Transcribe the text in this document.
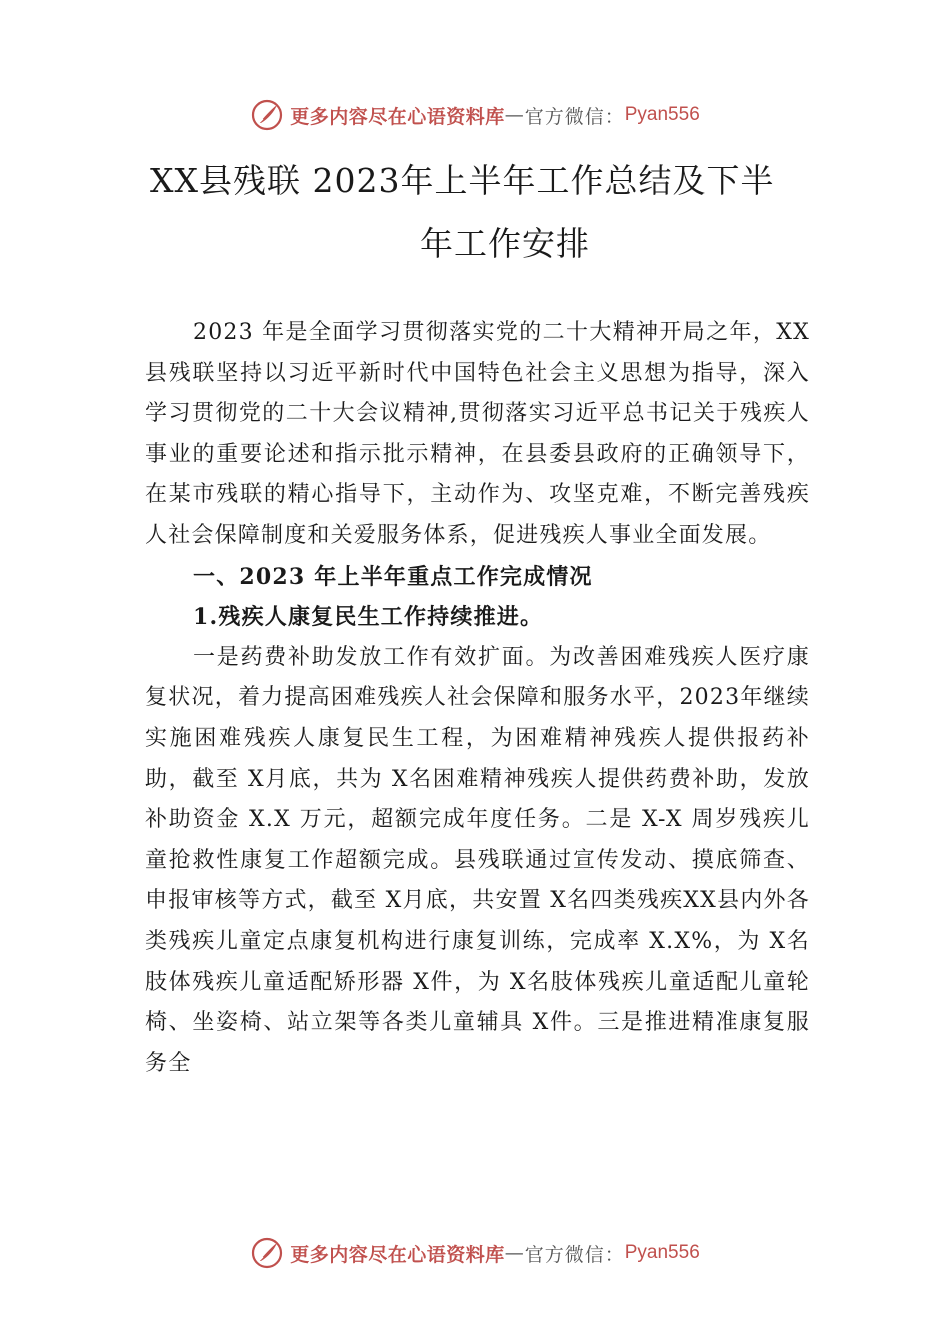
更多内容尽在心语资料库 — 官方微信： Pyan556
XX县残联 2023年上半年工作总结及下半
年工作安排

2023 年是全面学习贯彻落实党的二十大精神开局之年，XX县残联坚持以习近平新时代中国特色社会主义思想为指导，深入学习贯彻党的二十大会议精神,贯彻落实习近平总书记关于残疾人事业的重要论述和指示批示精神，在县委县政府的正确领导下，在某市残联的精心指导下，主动作为、攻坚克难，不断完善残疾人社会保障制度和关爱服务体系，促进残疾人事业全面发展。

一、2023 年上半年重点工作完成情况

1.残疾人康复民生工作持续推进。

一是药费补助发放工作有效扩面。为改善困难残疾人医疗康复状况，着力提高困难残疾人社会保障和服务水平，2023年继续实施困难残疾人康复民生工程，为困难精神残疾人提供报药补助，截至 X月底，共为 X名困难精神残疾人提供药费补助，发放补助资金 X.X 万元，超额完成年度任务。二是 X-X 周岁残疾儿童抢救性康复工作超额完成。县残联通过宣传发动、摸底筛查、申报审核等方式，截至 X月底，共安置 X名四类残疾XX县内外各类残疾儿童定点康复机构进行康复训练，完成率 X.X%，为 X名肢体残疾儿童适配矫形器 X件，为 X名肢体残疾儿童适配儿童轮椅、坐姿椅、站立架等各类儿童辅具 X件。三是推进精准康复服务全

更多内容尽在心语资料库 — 官方微信： Pyan556
